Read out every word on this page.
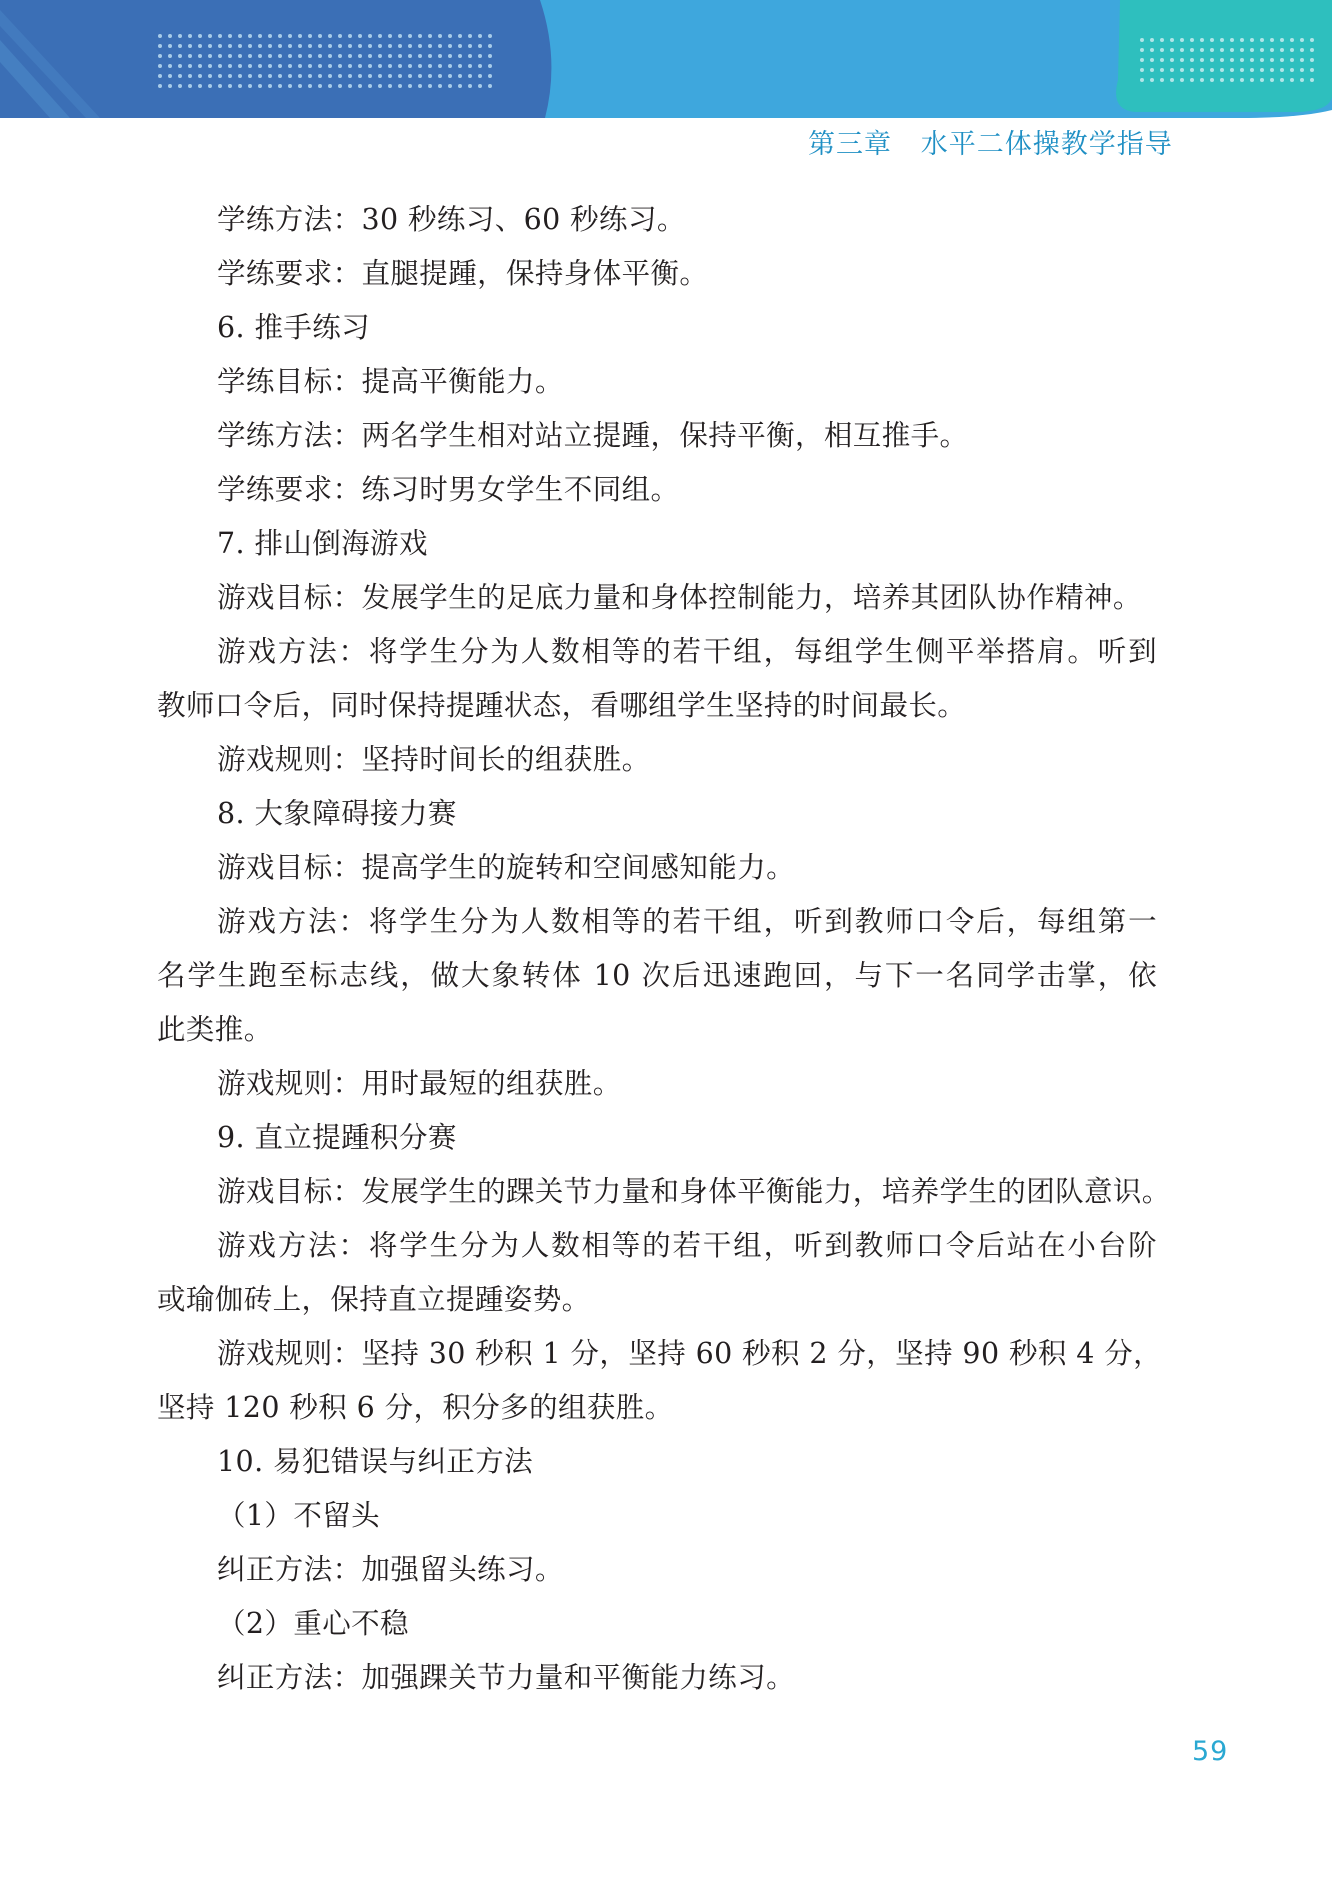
第三章 水平二体操教学指导
学练方法：30 秒练习、60 秒练习。
学练要求：直腿提踵，保持身体平衡。
6. 推手练习
学练目标：提高平衡能力。
学练方法：两名学生相对站立提踵，保持平衡，相互推手。
学练要求：练习时男女学生不同组。
7. 排山倒海游戏
游戏目标：发展学生的足底力量和身体控制能力，培养其团队协作精神。
游戏方法：将学生分为人数相等的若干组，每组学生侧平举搭肩。听到
教师口令后，同时保持提踵状态，看哪组学生坚持的时间最长。
游戏规则：坚持时间长的组获胜。
8. 大象障碍接力赛
游戏目标：提高学生的旋转和空间感知能力。
游戏方法：将学生分为人数相等的若干组，听到教师口令后，每组第一
名学生跑至标志线，做大象转体 10 次后迅速跑回，与下一名同学击掌，依
此类推。
游戏规则：用时最短的组获胜。
9. 直立提踵积分赛
游戏目标：发展学生的踝关节力量和身体平衡能力，培养学生的团队意识。
游戏方法：将学生分为人数相等的若干组，听到教师口令后站在小台阶
或瑜伽砖上，保持直立提踵姿势。
游戏规则：坚持 30 秒积 1 分，坚持 60 秒积 2 分，坚持 90 秒积 4 分，
坚持 120 秒积 6 分，积分多的组获胜。
10. 易犯错误与纠正方法
（1）不留头
纠正方法：加强留头练习。
（2）重心不稳
纠正方法：加强踝关节力量和平衡能力练习。
59
